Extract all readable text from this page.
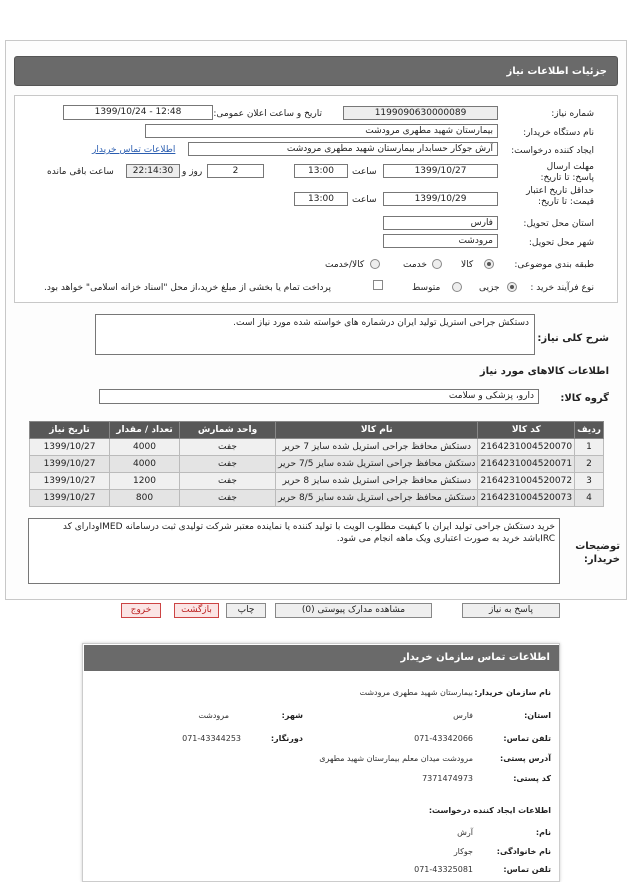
جزئیات اطلاعات نیاز
شماره نیاز:
1199090630000089
تاریخ و ساعت اعلان عمومی:
1399/10/24 - 12:48
نام دستگاه خریدار:
بیمارستان شهید مطهری مرودشت
ایجاد کننده درخواست:
آرش جوکار حسابدار بیمارستان شهید مطهری مرودشت
اطلاعات تماس خریدار
مهلت ارسال پاسخ: تا تاریخ:
1399/10/27
ساعت
13:00
2
روز و
22:14:30
ساعت باقی مانده
حداقل تاریخ اعتبار قیمت: تا تاریخ:
1399/10/29
ساعت
13:00
استان محل تحویل:
فارس
شهر محل تحویل:
مرودشت
طبقه بندی موضوعی:
کالا
خدمت
کالا/خدمت
نوع فرآیند خرید :
جزیی
متوسط
پرداخت تمام یا بخشی از مبلغ خرید،از محل "اسناد خزانه اسلامی" خواهد بود.
شرح کلی نیاز:
دستکش جراحی استریل تولید ایران درشماره های خواسته شده مورد نیاز است.
اطلاعات کالاهای مورد نیاز
گروه کالا:
دارو، پزشکی و سلامت
ردیف	کد کالا	نام کالا	واحد شمارش	تعداد / مقدار	تاریخ نیاز
1	2164231004520070	دستکش محافظ جراحی استریل شده سایز 7 حریر	جفت	4000	1399/10/27
2	2164231004520071	دستکش محافظ جراحی استریل شده سایز 7/5 حریر	جفت	4000	1399/10/27
3	2164231004520072	دستکش محافظ جراحی استریل شده سایز 8 حریر	جفت	1200	1399/10/27
4	2164231004520073	دستکش محافظ جراحی استریل شده سایز 8/5 حریر	جفت	800	1399/10/27
توضیحات خریدار:
خرید دستکش جراحی تولید ایران با کیفیت مطلوب الویت با تولید کننده یا نماینده معتبر شرکت تولیدی ثبت درسامانه IMEDودارای کد IRCباشد خرید به صورت اعتباری ویک ماهه انجام می شود.
پاسخ به نیاز
مشاهده مدارک پیوستی (0)
چاپ
بازگشت
خروج
اطلاعات تماس سازمان خریدار
نام سازمان خریدار:
بیمارستان شهید مطهری مرودشت
استان:
فارس
شهر:
مرودشت
تلفن تماس:
071-43342066
دورنگار:
071-43344253
آدرس پستی:
مرودشت میدان معلم بیمارستان شهید مطهری
کد پستی:
7371474973
اطلاعات ایجاد کننده درخواست:
نام:
آرش
نام خانوادگی:
جوکار
تلفن تماس:
071-43325081
